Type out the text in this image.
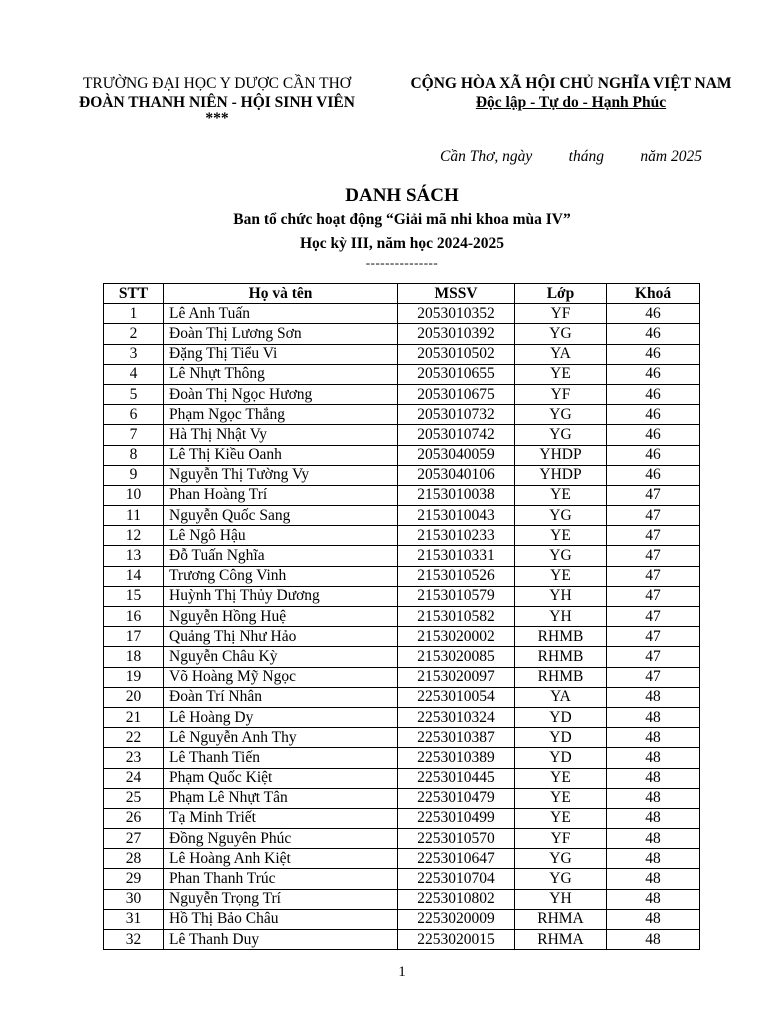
TRƯỜNG ĐẠI HỌC Y DƯỢC CẦN THƠ
ĐOÀN THANH NIÊN - HỘI SINH VIÊN
***
CỘNG HÒA XÃ HỘI CHỦ NGHĨA VIỆT NAM
Độc lập - Tự do - Hạnh Phúc
Cần Thơ, ngày tháng năm 2025
DANH SÁCH
Ban tổ chức hoạt động “Giải mã nhi khoa mùa IV”
Học kỳ III, năm học 2024-2025
---------------
STT	Họ và tên	MSSV	Lớp	Khoá
1	Lê Anh Tuấn	2053010352	YF	46
2	Đoàn Thị Lương Sơn	2053010392	YG	46
3	Đặng Thị Tiểu Vi	2053010502	YA	46
4	Lê Nhựt Thông	2053010655	YE	46
5	Đoàn Thị Ngọc Hương	2053010675	YF	46
6	Phạm Ngọc Thắng	2053010732	YG	46
7	Hà Thị Nhật Vy	2053010742	YG	46
8	Lê Thị Kiều Oanh	2053040059	YHDP	46
9	Nguyễn Thị Tường Vy	2053040106	YHDP	46
10	Phan Hoàng Trí	2153010038	YE	47
11	Nguyễn Quốc Sang	2153010043	YG	47
12	Lê Ngô Hậu	2153010233	YE	47
13	Đỗ Tuấn Nghĩa	2153010331	YG	47
14	Trương Công Vinh	2153010526	YE	47
15	Huỳnh Thị Thủy Dương	2153010579	YH	47
16	Nguyễn Hồng Huệ	2153010582	YH	47
17	Quảng Thị Như Hảo	2153020002	RHMB	47
18	Nguyễn Châu Kỳ	2153020085	RHMB	47
19	Võ Hoàng Mỹ Ngọc	2153020097	RHMB	47
20	Đoàn Trí Nhân	2253010054	YA	48
21	Lê Hoàng Dy	2253010324	YD	48
22	Lê Nguyễn Anh Thy	2253010387	YD	48
23	Lê Thanh Tiến	2253010389	YD	48
24	Phạm Quốc Kiệt	2253010445	YE	48
25	Phạm Lê Nhựt Tân	2253010479	YE	48
26	Tạ Minh Triết	2253010499	YE	48
27	Đồng Nguyên Phúc	2253010570	YF	48
28	Lê Hoàng Anh Kiệt	2253010647	YG	48
29	Phan Thanh Trúc	2253010704	YG	48
30	Nguyễn Trọng Trí	2253010802	YH	48
31	Hồ Thị Bảo Châu	2253020009	RHMA	48
32	Lê Thanh Duy	2253020015	RHMA	48
1
